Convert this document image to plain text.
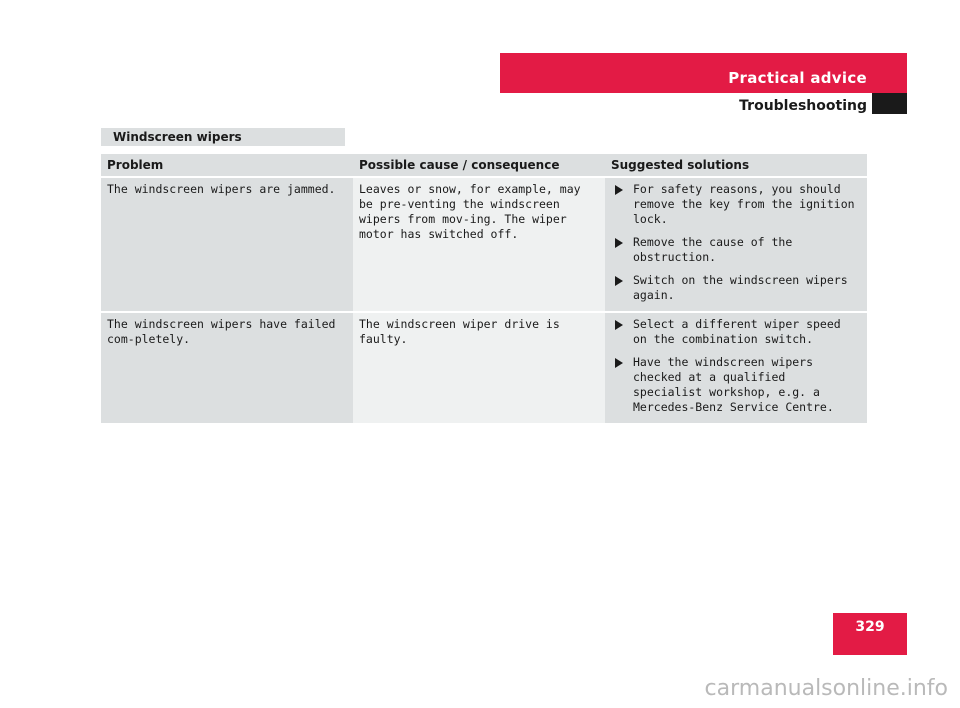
Practical advice
Troubleshooting
Windscreen wipers
Problem	Possible cause / consequence	Suggested solutions
The windscreen wipers are jammed.	Leaves or snow, for example, may be pre-venting the windscreen wipers from mov-ing. The wiper motor has switched off.	For safety reasons, you should remove the key from the ignition lock.
Remove the cause of the obstruction.
Switch on the windscreen wipers again.

The windscreen wipers have failed com-pletely.	The windscreen wiper drive is faulty.	Select a different wiper speed on the combination switch.
Have the windscreen wipers checked at a qualified specialist workshop, e.g. a Mercedes-Benz Service Centre.
329
carmanualsonline.info
